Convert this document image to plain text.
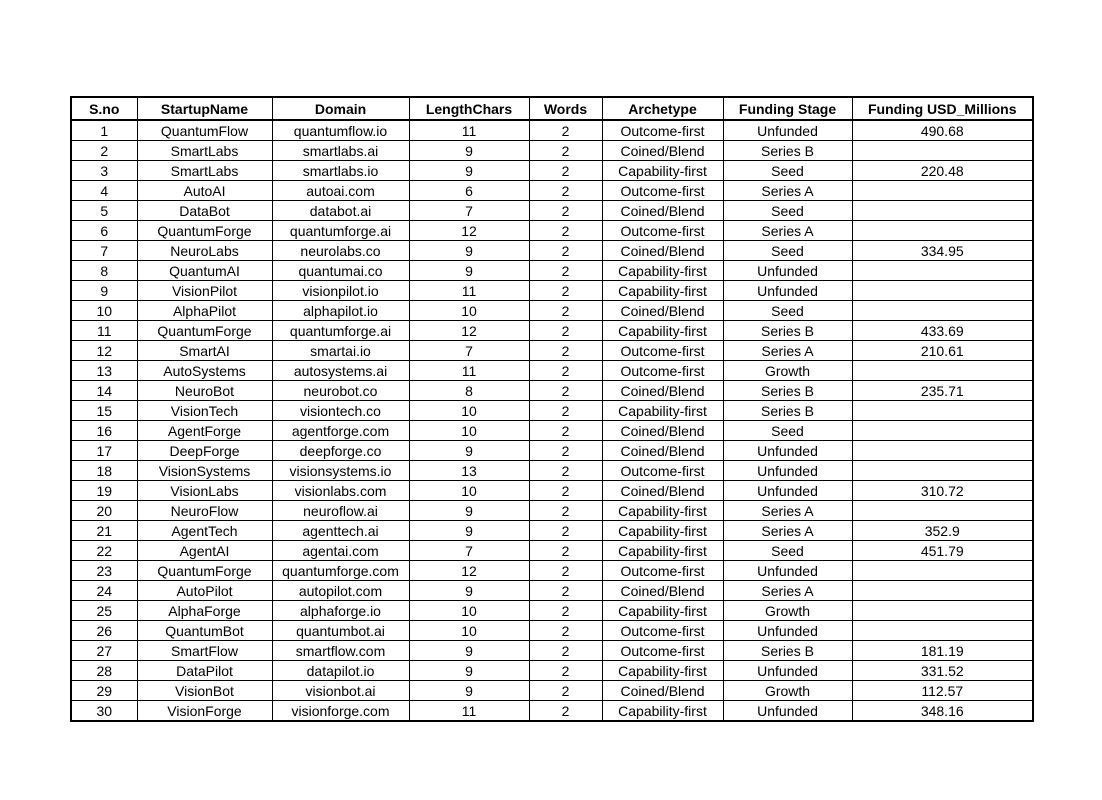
S.no	StartupName	Domain	LengthChars	Words	Archetype	Funding Stage	Funding USD_Millions
1	QuantumFlow	quantumflow.io	11	2	Outcome-first	Unfunded	490.68
2	SmartLabs	smartlabs.ai	9	2	Coined/Blend	Series B	
3	SmartLabs	smartlabs.io	9	2	Capability-first	Seed	220.48
4	AutoAI	autoai.com	6	2	Outcome-first	Series A	
5	DataBot	databot.ai	7	2	Coined/Blend	Seed	
6	QuantumForge	quantumforge.ai	12	2	Outcome-first	Series A	
7	NeuroLabs	neurolabs.co	9	2	Coined/Blend	Seed	334.95
8	QuantumAI	quantumai.co	9	2	Capability-first	Unfunded	
9	VisionPilot	visionpilot.io	11	2	Capability-first	Unfunded	
10	AlphaPilot	alphapilot.io	10	2	Coined/Blend	Seed	
11	QuantumForge	quantumforge.ai	12	2	Capability-first	Series B	433.69
12	SmartAI	smartai.io	7	2	Outcome-first	Series A	210.61
13	AutoSystems	autosystems.ai	11	2	Outcome-first	Growth	
14	NeuroBot	neurobot.co	8	2	Coined/Blend	Series B	235.71
15	VisionTech	visiontech.co	10	2	Capability-first	Series B	
16	AgentForge	agentforge.com	10	2	Coined/Blend	Seed	
17	DeepForge	deepforge.co	9	2	Coined/Blend	Unfunded	
18	VisionSystems	visionsystems.io	13	2	Outcome-first	Unfunded	
19	VisionLabs	visionlabs.com	10	2	Coined/Blend	Unfunded	310.72
20	NeuroFlow	neuroflow.ai	9	2	Capability-first	Series A	
21	AgentTech	agenttech.ai	9	2	Capability-first	Series A	352.9
22	AgentAI	agentai.com	7	2	Capability-first	Seed	451.79
23	QuantumForge	quantumforge.com	12	2	Outcome-first	Unfunded	
24	AutoPilot	autopilot.com	9	2	Coined/Blend	Series A	
25	AlphaForge	alphaforge.io	10	2	Capability-first	Growth	
26	QuantumBot	quantumbot.ai	10	2	Outcome-first	Unfunded	
27	SmartFlow	smartflow.com	9	2	Outcome-first	Series B	181.19
28	DataPilot	datapilot.io	9	2	Capability-first	Unfunded	331.52
29	VisionBot	visionbot.ai	9	2	Coined/Blend	Growth	112.57
30	VisionForge	visionforge.com	11	2	Capability-first	Unfunded	348.16
